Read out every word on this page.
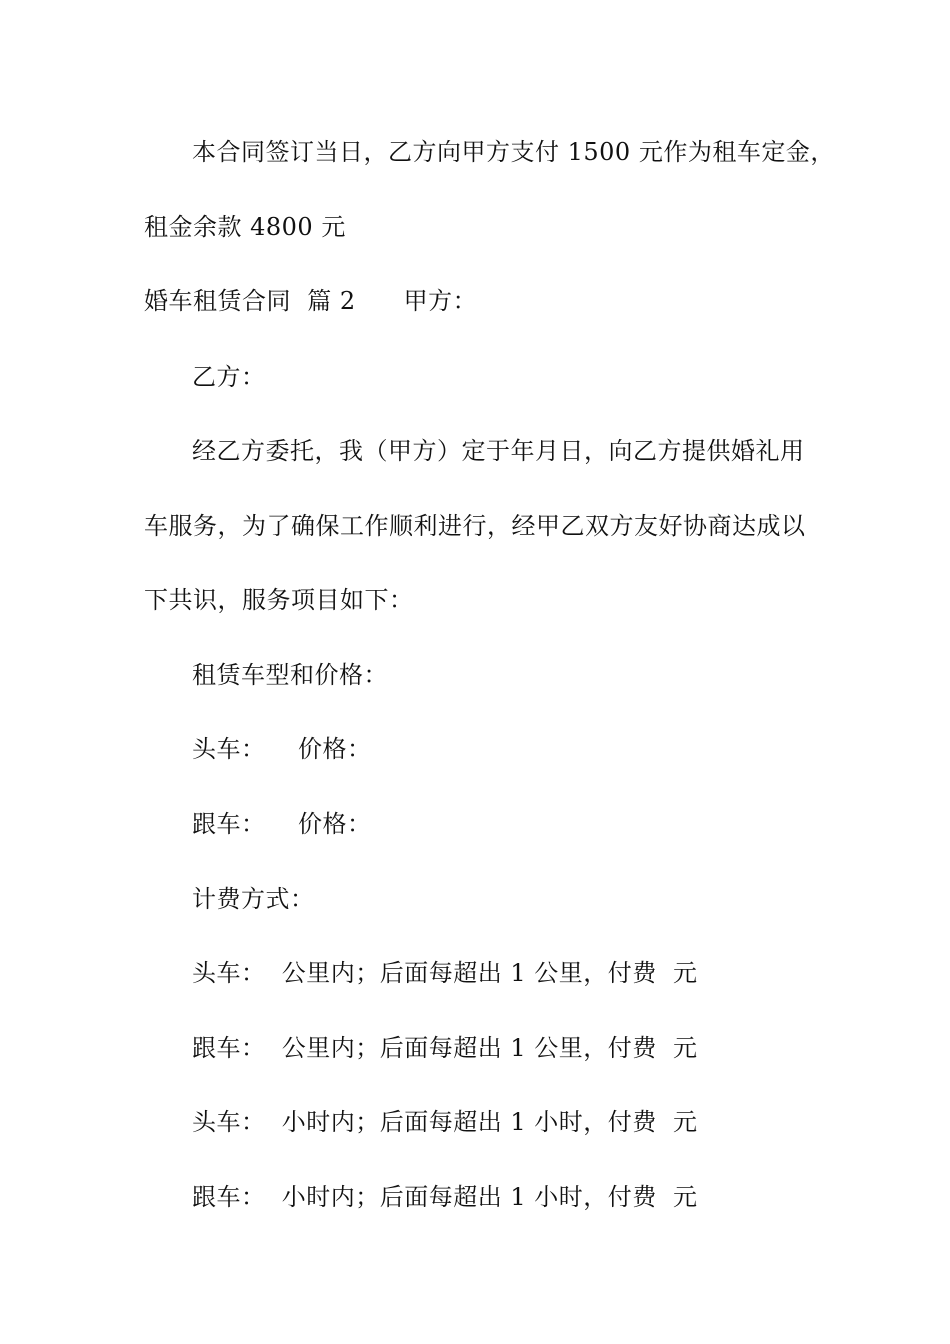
本合同签订当日，乙方向甲方支付 1500 元作为租车定金，
租金余款 4800 元
婚车租赁合同  篇 2 甲方：
乙方：
经乙方委托，我（甲方）定于年月日，向乙方提供婚礼用
车服务，为了确保工作顺利进行，经甲乙双方友好协商达成以
下共识，服务项目如下：
租赁车型和价格：
头车：    价格：
跟车：    价格：
计费方式：
头车：  公里内；后面每超出 1 公里，付费  元
跟车：  公里内；后面每超出 1 公里，付费  元
头车：  小时内；后面每超出 1 小时，付费  元
跟车：  小时内；后面每超出 1 小时，付费  元
